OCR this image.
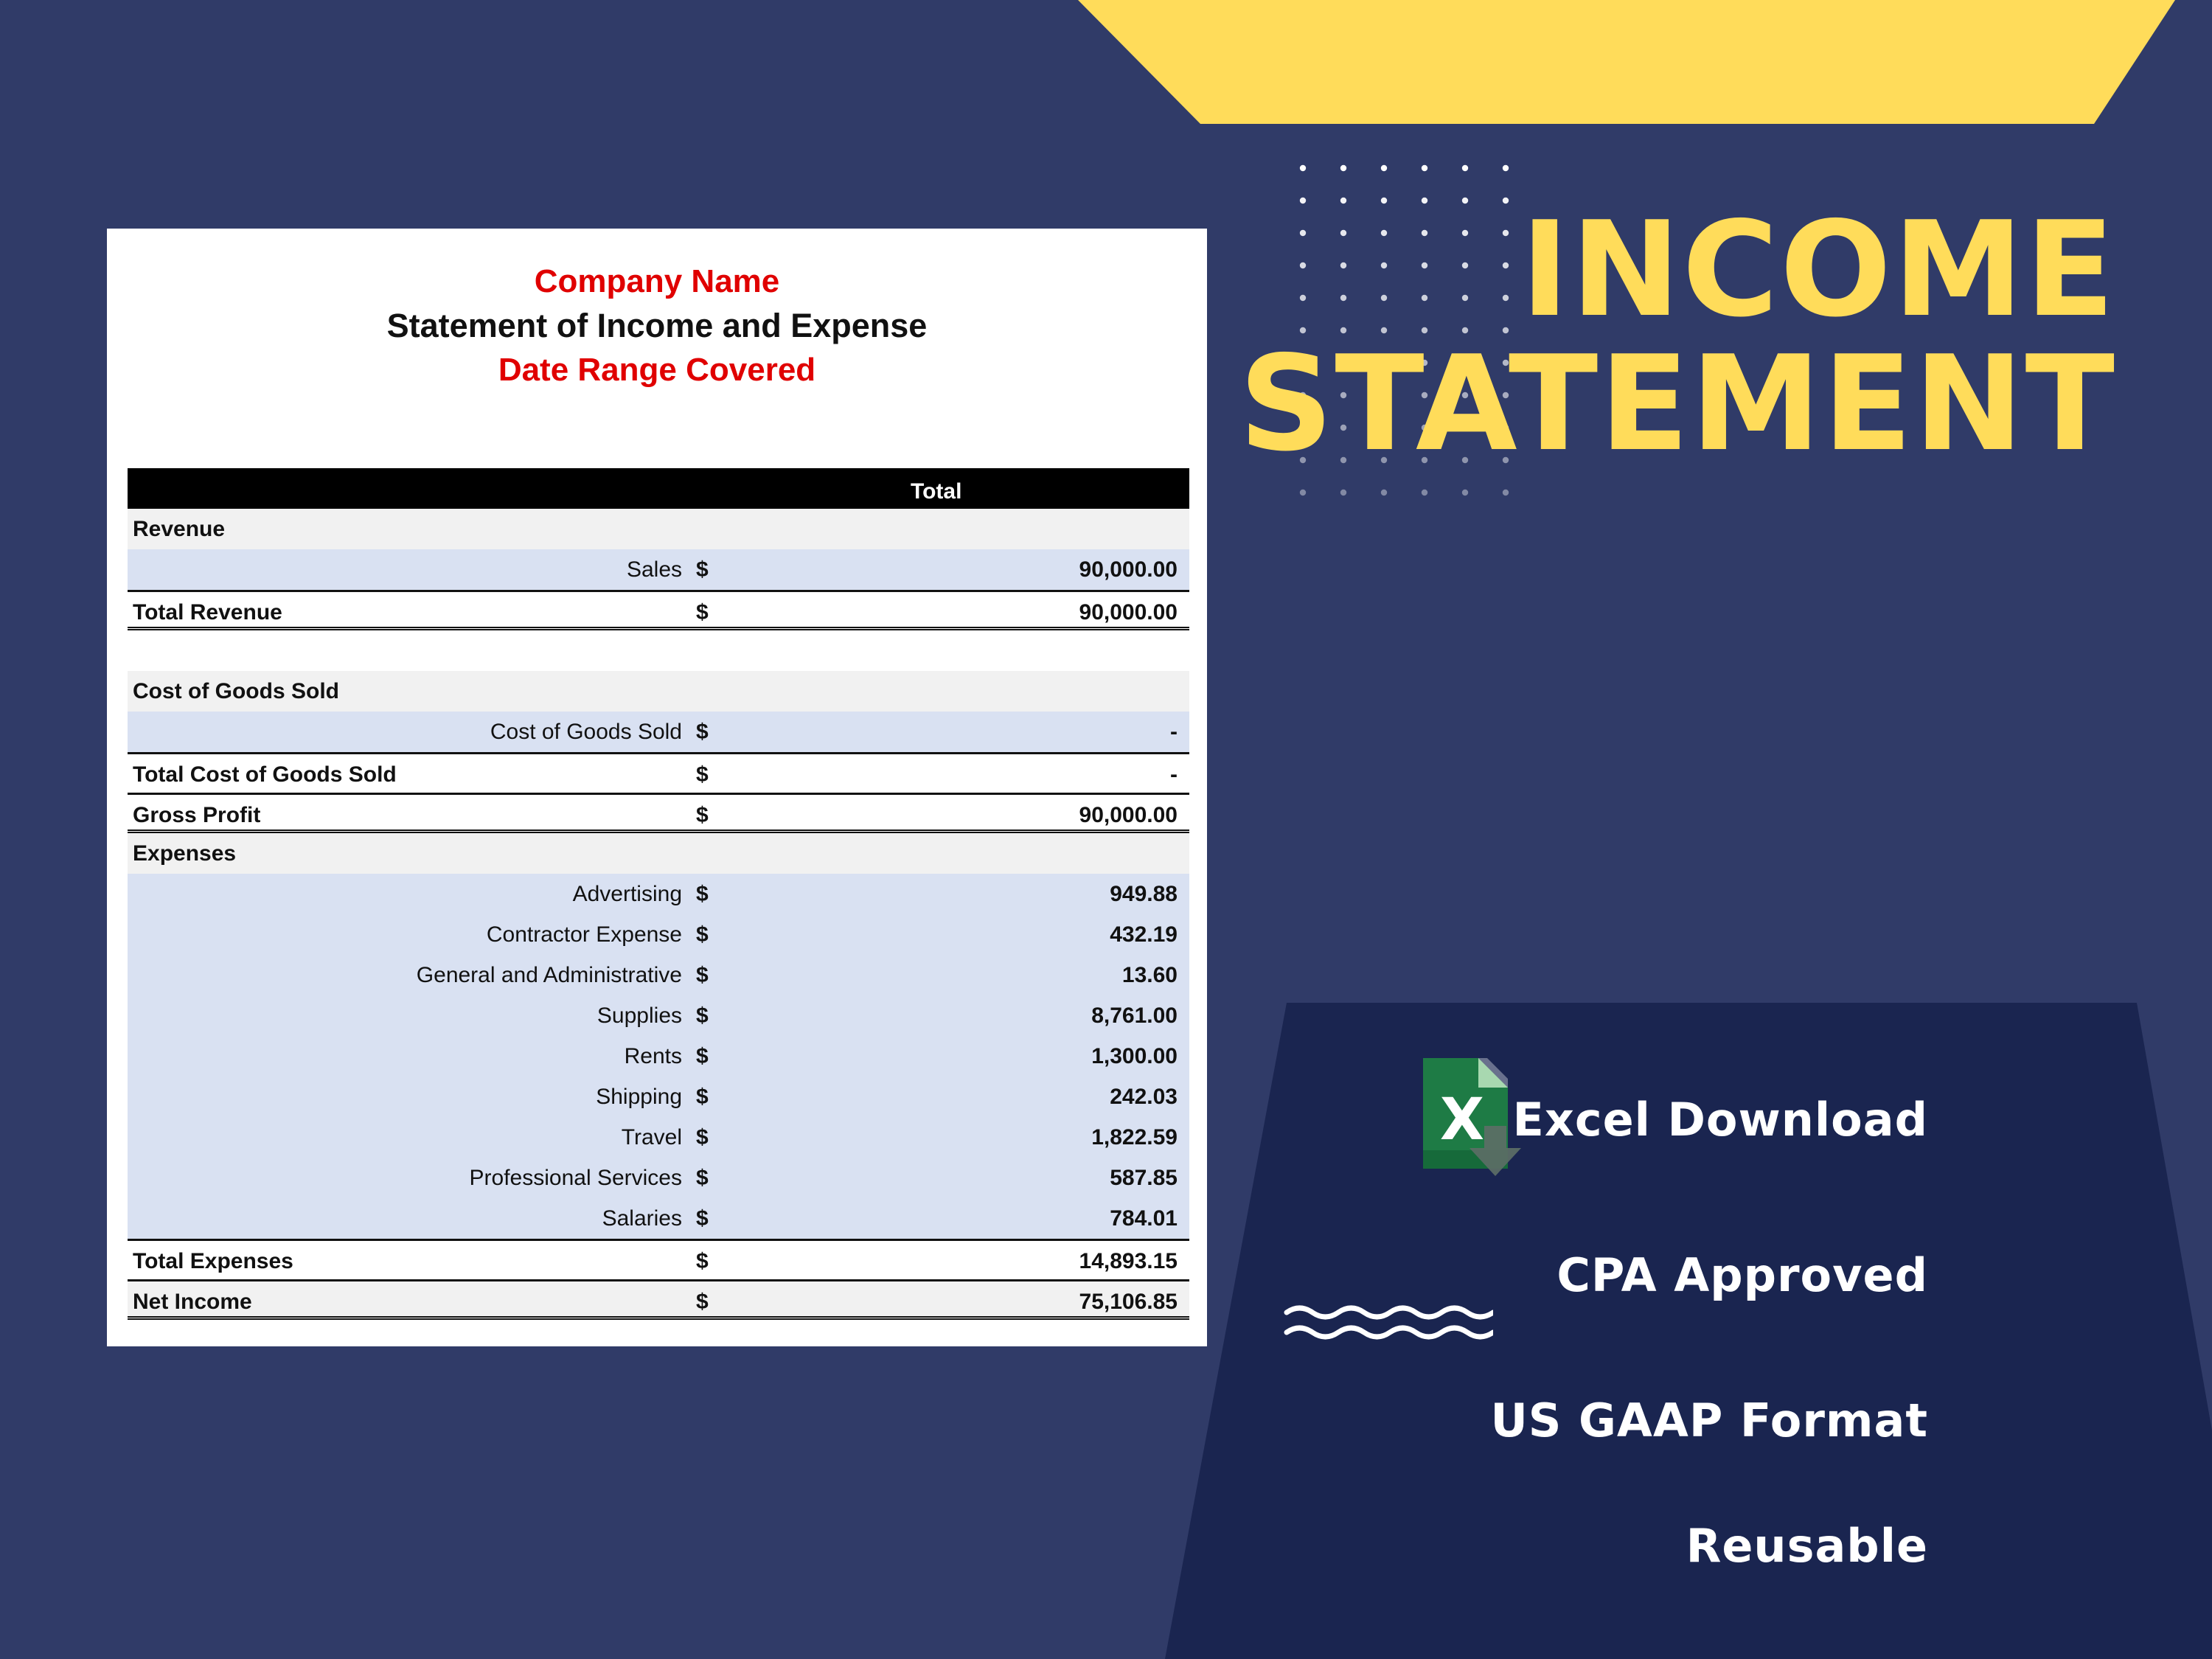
INCOME
STATEMENT
X Excel Download
CPA Approved
US GAAP Format
Reusable
Company Name
Statement of Income and Expense
Date Range Covered
Total
Revenue
Sales $	90,000.00
Total Revenue	$	90,000.00
Cost of Goods Sold
Cost of Goods Sold $	-
Total Cost of Goods Sold	$	-
Gross Profit	$	90,000.00
Expenses
Advertising $	949.88
Contractor Expense $	432.19
General and Administrative $	13.60
Supplies $	8,761.00
Rents $	1,300.00
Shipping $	242.03
Travel $	1,822.59
Professional Services $	587.85
Salaries $	784.01
Total Expenses	$	14,893.15
Net Income	$	75,106.85
